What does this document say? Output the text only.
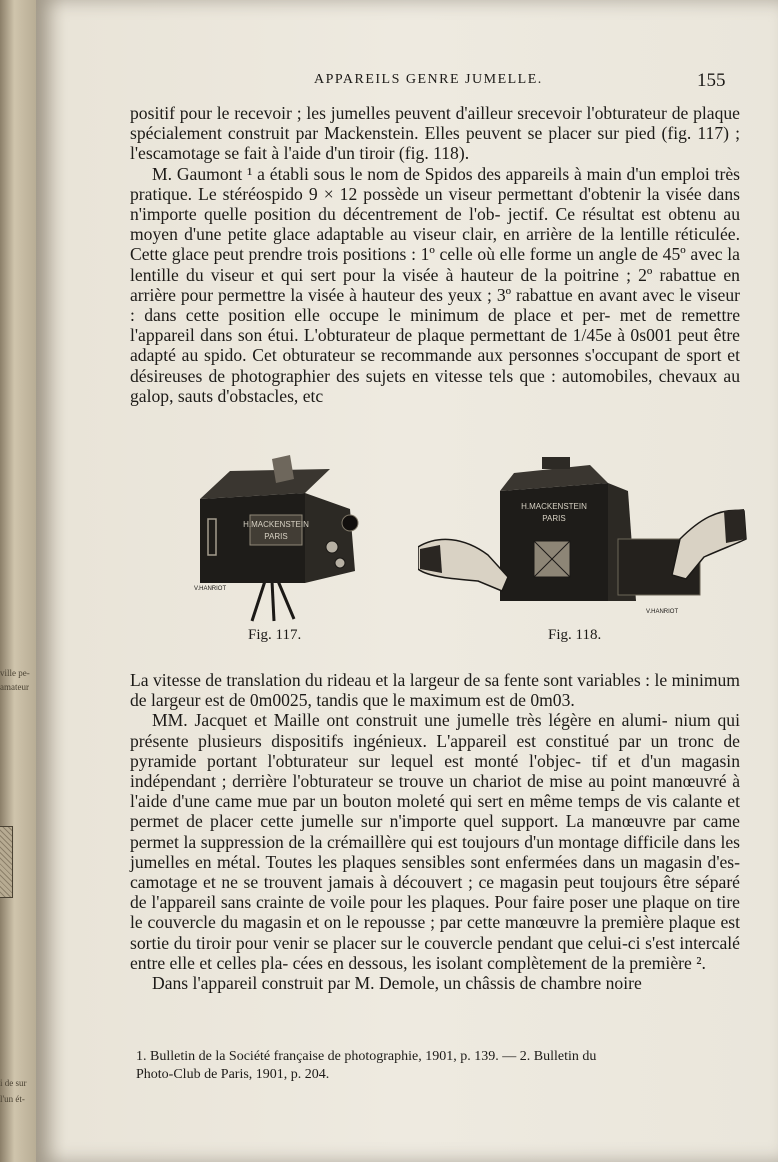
ville pe-
amateur
i de sur
l'un ét-
APPAREILS GENRE JUMELLE.	155

positif pour le recevoir ; les jumelles peuvent d'ailleur srecevoir l'obturateur de plaque spécialement construit par Mackenstein. Elles peuvent se placer sur pied (fig. 117) ; l'escamotage se fait à l'aide d'un tiroir (fig. 118).

M. Gaumont ¹ a établi sous le nom de Spidos des appareils à main d'un emploi très pratique. Le stéréospido 9 × 12 possède un viseur permettant d'obtenir la visée dans n'importe quelle position du décentrement de l'ob- jectif. Ce résultat est obtenu au moyen d'une petite glace adaptable au viseur clair, en arrière de la lentille réticulée. Cette glace peut prendre trois positions : 1º celle où elle forme un angle de 45º avec la lentille du viseur et qui sert pour la visée à hauteur de la poitrine ; 2º rabattue en arrière pour permettre la visée à hauteur des yeux ; 3º rabattue en avant avec le viseur : dans cette position elle occupe le minimum de place et per- met de remettre l'appareil dans son étui. L'obturateur de plaque permettant de 1/45e à 0s001 peut être adapté au spido. Cet obturateur se recommande aux personnes s'occupant de sport et désireuses de photographier des sujets en vitesse tels que : automobiles, chevaux au galop, sauts d'obstacles, etc

H.MACKENSTEIN
PARIS
V.HANRIOT
Fig. 117.
H.MACKENSTEIN
PARIS
V.HANRIOT
Fig. 118.

La vitesse de translation du rideau et la largeur de sa fente sont variables : le minimum de largeur est de 0m0025, tandis que le maximum est de 0m03.

MM. Jacquet et Maille ont construit une jumelle très légère en alumi- nium qui présente plusieurs dispositifs ingénieux. L'appareil est constitué par un tronc de pyramide portant l'obturateur sur lequel est monté l'objec- tif et d'un magasin indépendant ; derrière l'obturateur se trouve un chariot de mise au point manœuvré à l'aide d'une came mue par un bouton moleté qui sert en même temps de vis calante et permet de placer cette jumelle sur n'importe quel support. La manœuvre par came permet la suppression de la crémaillère qui est toujours d'un montage difficile dans les jumelles en métal. Toutes les plaques sensibles sont enfermées dans un magasin d'es- camotage et ne se trouvent jamais à découvert ; ce magasin peut toujours être séparé de l'appareil sans crainte de voile pour les plaques. Pour faire poser une plaque on tire le couvercle du magasin et on le repousse ; par cette manœuvre la première plaque est sortie du tiroir pour venir se placer sur le couvercle pendant que celui-ci s'est intercalé entre elle et celles pla- cées en dessous, les isolant complètement de la première ².

Dans l'appareil construit par M. Demole, un châssis de chambre noire

1. Bulletin de la Société française de photographie, 1901, p. 139. — 2. Bulletin du
Photo-Club de Paris, 1901, p. 204.
